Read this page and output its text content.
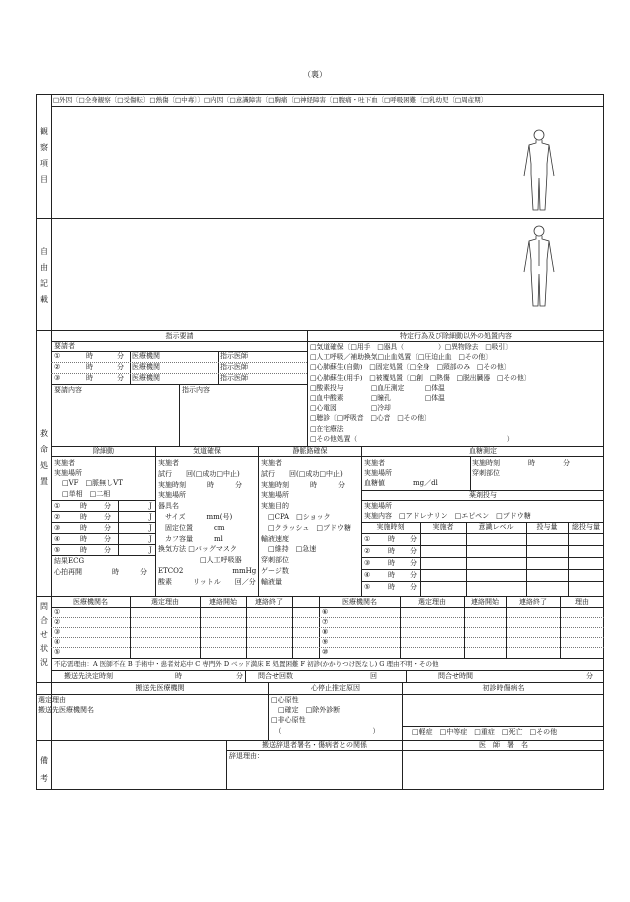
（裏）
□外因〔□全身観察〔□受傷転〕□熱傷〔□中毒〕〕□内因〔□意識障害〔□胸痛〔□神経障害〔□腹痛・吐下血〔□呼吸困難〔□乳幼児〔□周産期〕
観察項目
自由記載
救命処置
指示要請
要請者
①	時	分 医療機関	指示医師
②	時	分 医療機関	指示医師
③	時	分 医療機関	指示医師
要請内容	指示内容
特定行為及び除細動以外の処置内容
□気道確保〔□用手　□器具（　　　　　）□異物除去　□吸引〕
□人工呼吸／補助換気□止血処置〔□圧迫止血　□その他〕
□心肺蘇生(自動)　□固定処置〔□全身　□頸部のみ　□その他〕
□心肺蘇生(用手)　□被覆処置〔□創　□熱傷　□脱出臓器　□その他〕
□酸素投与　　　　□血圧測定　　　□体温
□血中酸素　　　　□瞳孔　　　　　□体温
□心電図　　　　　□冷却
□聴診〔□呼吸音　□心音　□その他〕
□在宅療法
□その他処置（　　　　　　　　　　　　　　　　　　　　　　）
除細動
実施者
実施場所
□VF　□脈無しVT
□単相　□二相
①	時 分	J
②	時 分	J
③	時 分	J
④	時 分	J
⑤	時 分	J
結果ECG
心拍再開	時	分
気道確保
実施者
試行　　回(□成功□中止)
実施時刻　　　時　　　分
実施場所
器具名
　サイズ　　　mm(号)
　固定位置　　　cm
　カフ容量　　　ml
換気方法 □バッグマスク
　　　　　　□人工呼吸器
ETCO2　　　　　　　mmHg
酸素　　　リットル　　回／分
静脈路確保
実施者
試行　　回(□成功□中止)
実施時刻　　　時　　　分
実施場所
実施目的
　□CPA　□ショック
　□クラッシュ　□ブドウ糖
輸液速度
　□維持　□急速
穿刺部位
ゲージ数
輸液量
血糖測定
実施者
実施場所
血糖値　　　　mg／dl
実施時刻　　　　時　　　　分
穿刺部位
薬剤投与
実施場所
実施内容　□アドレナリン　□エピペン　□ブドウ糖
実施時刻	実施者	意識レベル	投与量	総投与量
①	時 分
②	時 分
③	時 分
④	時 分
⑤	時 分
問合せ状況
医療機関名	選定理由	連絡開始	連絡終了	医療機関名	選定理由	連絡開始	連絡終了	理由
①	⑥
②	⑦
③	⑧
④	⑨
⑤	⑩
不応需理由：A 医師不在 B 手術中・患者対応中 C 専門外 D ベッド満床 E 処置困難 F 初診(かかりつけ医なし) G 理由不明・その他
搬送先決定時刻	時	分 問合せ回数	回	問合せ時間	分
搬送先医療機関	心停止推定原因	初診時傷病名
選定理由
搬送先医療機関名
□心原性
　□確定　□除外診断
□非心原性
　（　　　　　　　　　　　　　）	□軽症　□中等症　□重症　□死亡　□その他
備考
搬送辞退者署名・傷病者との関係	医　師　署　名
辞退理由：
